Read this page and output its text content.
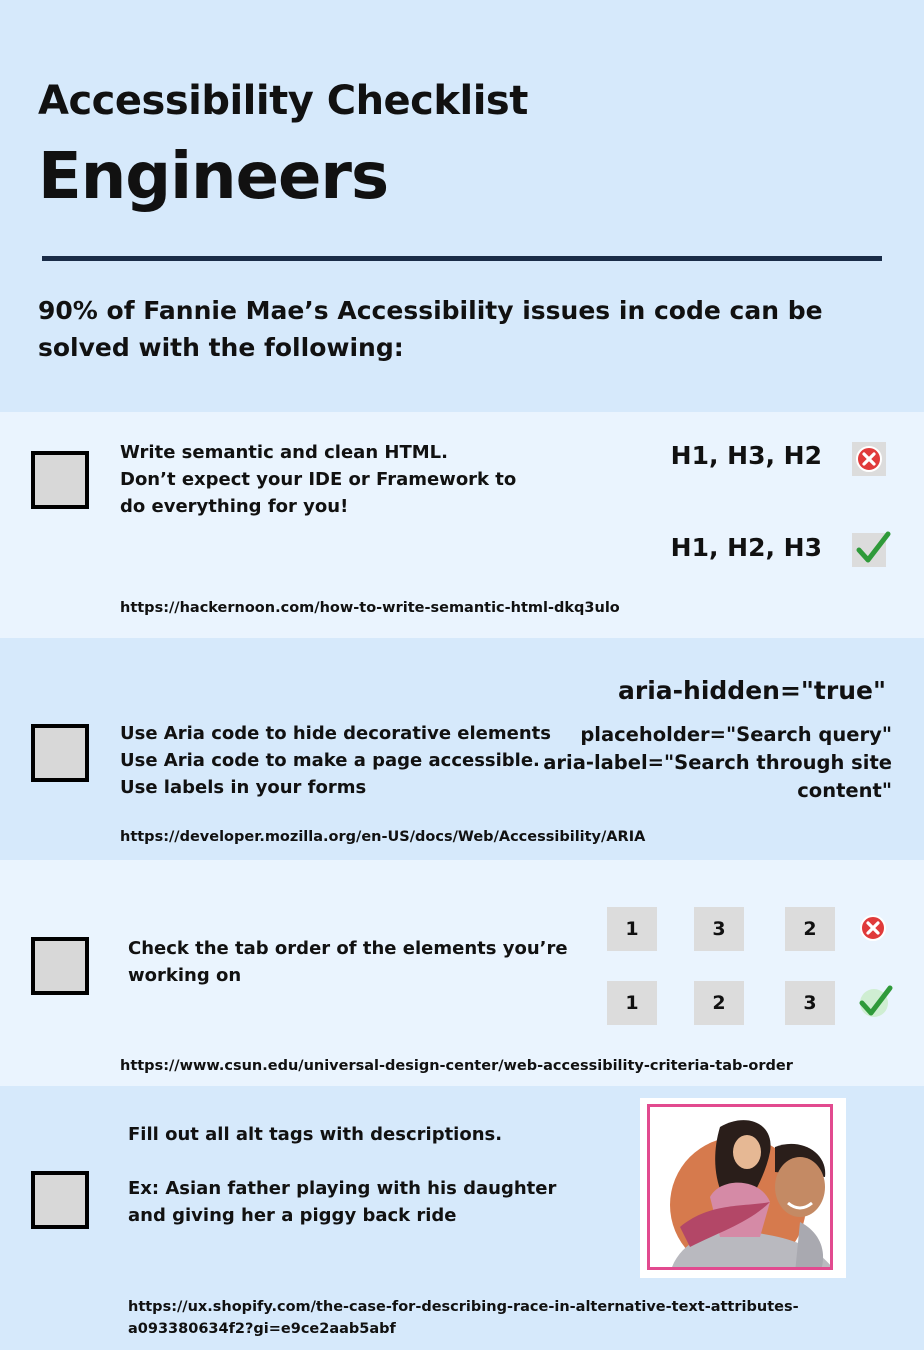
Accessibility Checklist
Engineers
90% of Fannie Mae’s Accessibility issues in code can be solved with the following:
Write semantic and clean HTML.
Don’t expect your IDE or Framework to
do everything for you!
H1, H3, H2
H1, H2, H3
https://hackernoon.com/how-to-write-semantic-html-dkq3ulo
Use Aria code to hide decorative elements
Use Aria code to make a page accessible.
Use labels in your forms
aria-hidden="true"
placeholder="Search query"
aria-label="Search through site
content"
https://developer.mozilla.org/en-US/docs/Web/Accessibility/ARIA
Check the tab order of the elements you’re
working on
1	3	2
1	2	3
https://www.csun.edu/universal-design-center/web-accessibility-criteria-tab-order
Fill out all alt tags with descriptions.
Ex: Asian father playing with his daughter
and giving her a piggy back ride
https://ux.shopify.com/the-case-for-describing-race-in-alternative-text-attributes-
a093380634f2?gi=e9ce2aab5abf
